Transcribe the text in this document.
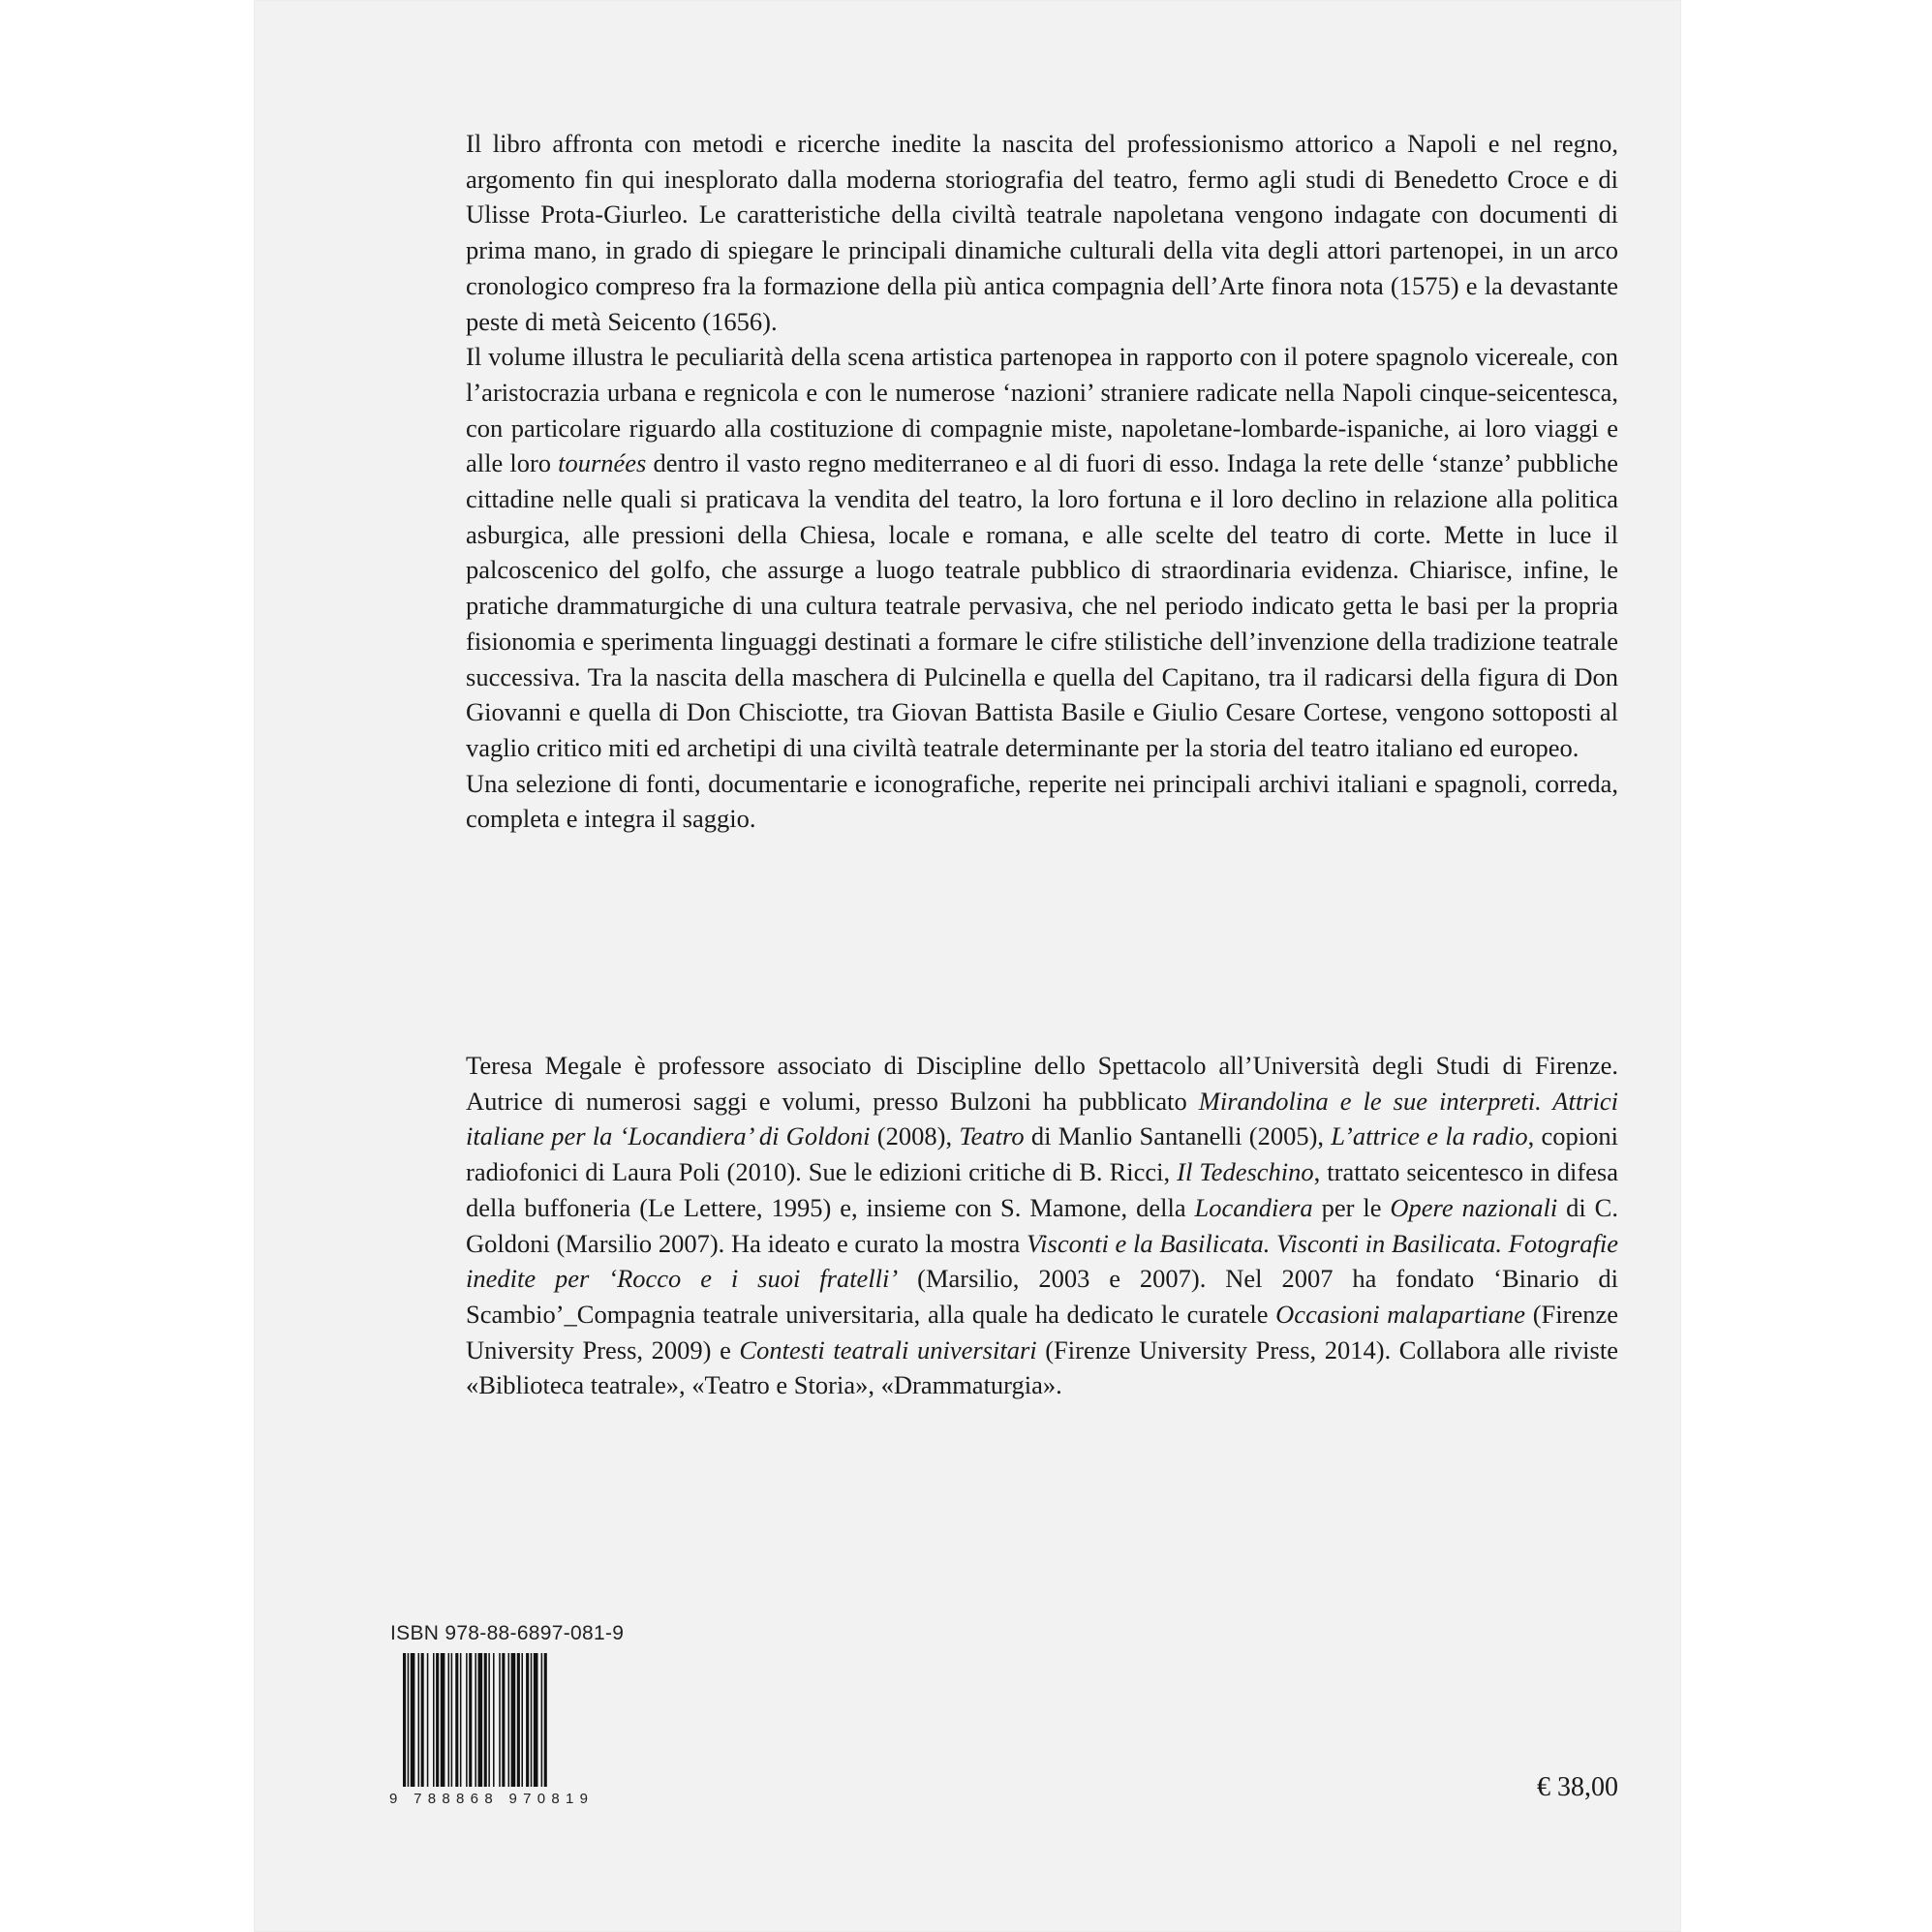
Il libro affronta con metodi e ricerche inedite la nascita del professionismo attorico a Napoli e nel regno, argomento fin qui inesplorato dalla moderna storiografia del teatro, fermo agli studi di Benedetto Croce e di Ulisse Prota-Giurleo. Le caratteristiche della civiltà teatrale napoletana vengono indagate con documenti di prima mano, in grado di spiegare le principali dinamiche culturali della vita degli attori partenopei, in un arco cronologico compreso fra la formazione della più antica compagnia dell’Arte finora nota (1575) e la devastante peste di metà Seicento (1656).

Il volume illustra le peculiarità della scena artistica partenopea in rapporto con il potere spagnolo vicereale, con l’aristocrazia urbana e regnicola e con le numerose ‘nazioni’ straniere radicate nella Napoli cinque-seicentesca, con particolare riguardo alla costituzione di compagnie miste, napoletane-lombarde-ispaniche, ai loro viaggi e alle loro tournées dentro il vasto regno mediterraneo e al di fuori di esso. Indaga la rete delle ‘stanze’ pubbliche cittadine nelle quali si praticava la vendita del teatro, la loro fortuna e il loro declino in relazione alla politica asburgica, alle pressioni della Chiesa, locale e romana, e alle scelte del teatro di corte. Mette in luce il palcoscenico del golfo, che assurge a luogo teatrale pubblico di straordinaria evidenza. Chiarisce, infine, le pratiche drammaturgiche di una cultura teatrale pervasiva, che nel periodo indicato getta le basi per la propria fisionomia e sperimenta linguaggi destinati a formare le cifre stilistiche dell’invenzione della tradizione teatrale successiva. Tra la nascita della maschera di Pulcinella e quella del Capitano, tra il radicarsi della figura di Don Giovanni e quella di Don Chisciotte, tra Giovan Battista Basile e Giulio Cesare Cortese, vengono sottoposti al vaglio critico miti ed archetipi di una civiltà teatrale determinante per la storia del teatro italiano ed europeo.

Una selezione di fonti, documentarie e iconografiche, reperite nei principali archivi italiani e spagnoli, correda, completa e integra il saggio.

Teresa Megale è professore associato di Discipline dello Spettacolo all’Università degli Studi di Firenze. Autrice di numerosi saggi e volumi, presso Bulzoni ha pubblicato Mirandolina e le sue interpreti. Attrici italiane per la ‘Locandiera’ di Goldoni (2008), Teatro di Manlio Santanelli (2005), L’attrice e la radio, copioni radiofonici di Laura Poli (2010). Sue le edizioni critiche di B. Ricci, Il Tedeschino, trattato seicentesco in difesa della buffoneria (Le Lettere, 1995) e, insieme con S. Mamone, della Locandiera per le Opere nazionali di C. Goldoni (Marsilio 2007). Ha ideato e curato la mostra Visconti e la Basilicata. Visconti in Basilicata. Fotografie inedite per ‘Rocco e i suoi fratelli’ (Marsilio, 2003 e 2007). Nel 2007 ha fondato ‘Binario di Scambio’_Compagnia teatrale universitaria, alla quale ha dedicato le curatele Occasioni malapartiane (Firenze University Press, 2009) e Contesti teatrali universitari (Firenze University Press, 2014). Collabora alle riviste «Biblioteca teatrale», «Teatro e Storia», «Drammaturgia».

ISBN 978-88-6897-081-9
9 788868 970819	€ 38,00
